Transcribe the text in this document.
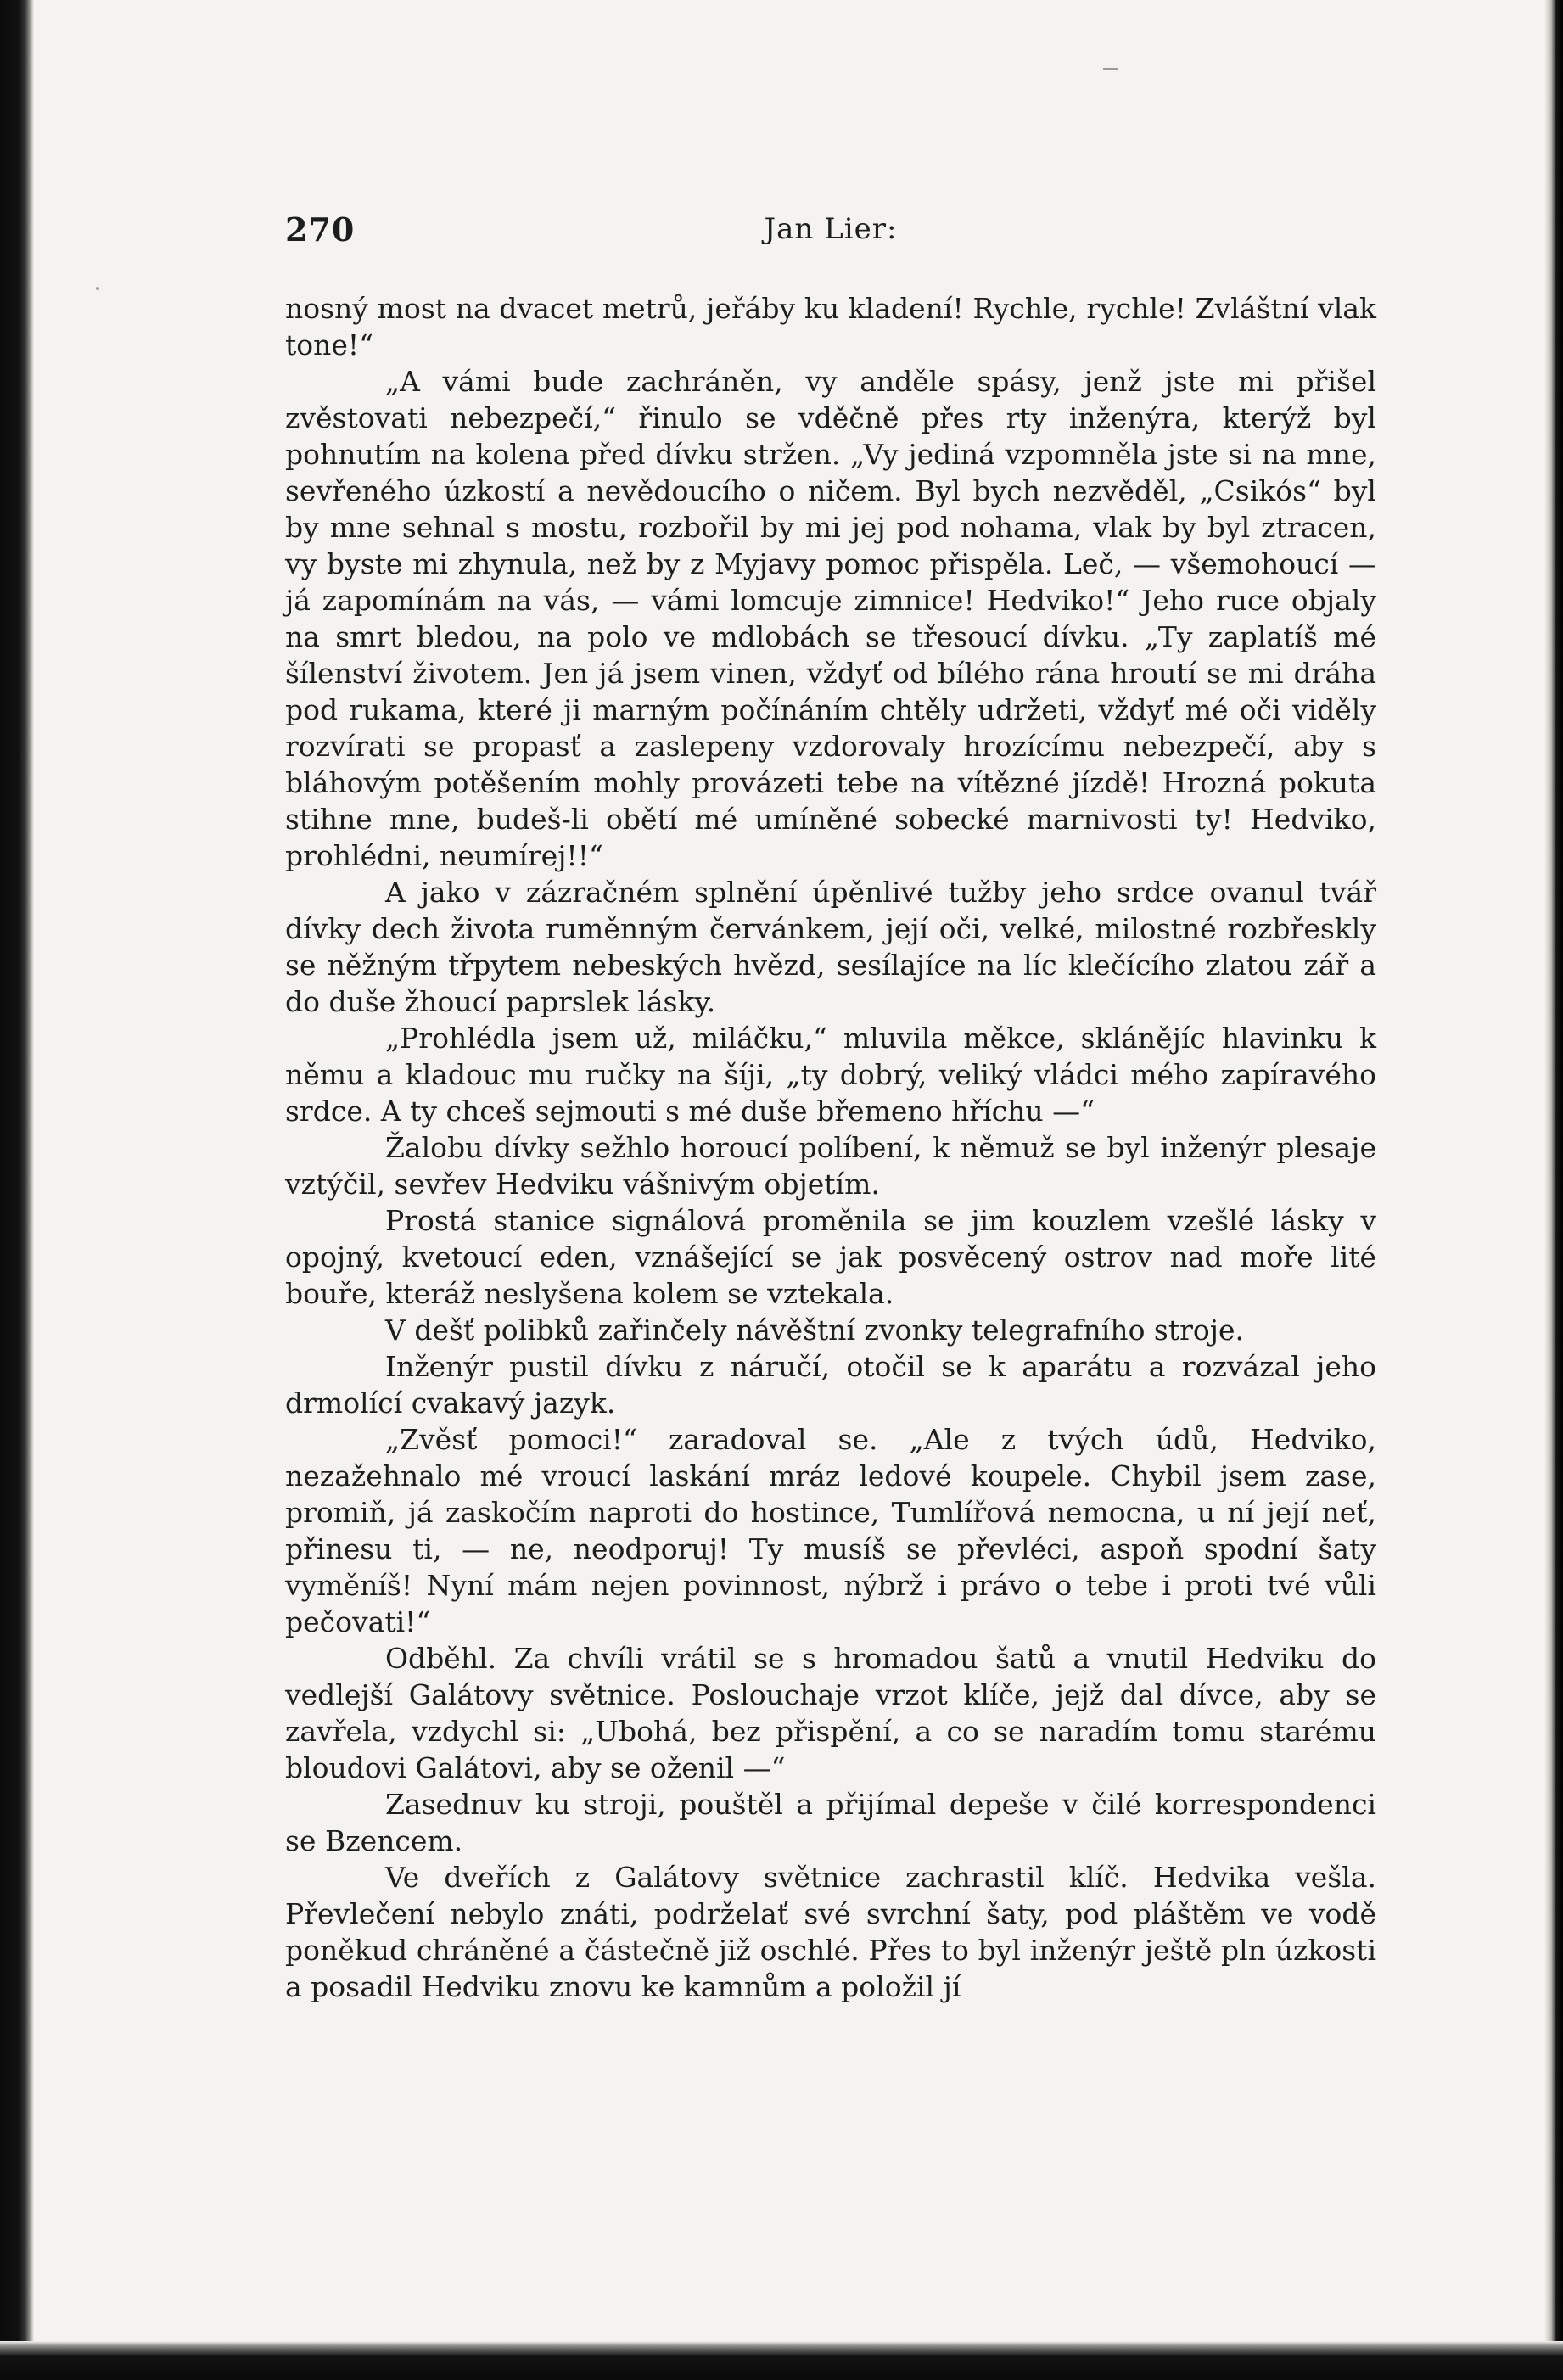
270	Jan Lier:

nosný most na dvacet metrů, jeřáby ku kladení! Rychle, rychle! Zvláštní vlak tone!“

„A vámi bude zachráněn, vy anděle spásy, jenž jste mi přišel zvěstovati nebezpečí,“ řinulo se vděčně přes rty inženýra, kterýž byl pohnutím na kolena před dívku stržen. „Vy jediná vzpomněla jste si na mne, sevřeného úzkostí a nevědoucího o ničem. Byl bych nezvěděl, „Csikós“ byl by mne sehnal s mostu, rozbořil by mi jej pod nohama, vlak by byl ztracen, vy byste mi zhynula, než by z Myjavy pomoc přispěla. Leč, — všemohoucí — já zapomínám na vás, — vámi lomcuje zimnice! Hedviko!“ Jeho ruce objaly na smrt bledou, na polo ve mdlobách se třesoucí dívku. „Ty zaplatíš mé šílenství životem. Jen já jsem vinen, vždyť od bílého rána hroutí se mi dráha pod rukama, které ji marným počínáním chtěly udržeti, vždyť mé oči viděly rozvírati se propasť a zaslepeny vzdorovaly hrozícímu nebezpečí, aby s bláhovým potěšením mohly provázeti tebe na vítězné jízdě! Hrozná pokuta stihne mne, budeš-li obětí mé umíněné sobecké marnivosti ty! Hedviko, prohlédni, neumírej!!“

A jako v zázračném splnění úpěnlivé tužby jeho srdce ovanul tvář dívky dech života ruměnným červánkem, její oči, velké, milostné rozbřeskly se něžným třpytem nebeských hvězd, sesílajíce na líc klečícího zlatou zář a do duše žhoucí paprslek lásky.

„Prohlédla jsem už, miláčku,“ mluvila měkce, sklánějíc hlavinku k němu a kladouc mu ručky na šíji, „ty dobrý, veliký vládci mého zapíravého srdce. A ty chceš sejmouti s mé duše břemeno hříchu —“

Žalobu dívky sežhlo horoucí políbení, k němuž se byl inženýr plesaje vztýčil, sevřev Hedviku vášnivým objetím.

Prostá stanice signálová proměnila se jim kouzlem vzešlé lásky v opojný, kvetoucí eden, vznášející se jak posvěcený ostrov nad moře lité bouře, kteráž neslyšena kolem se vztekala.

V dešť polibků zařinčely návěštní zvonky telegrafního stroje.

Inženýr pustil dívku z náručí, otočil se k aparátu a rozvázal jeho drmolící cvakavý jazyk.

„Zvěsť pomoci!“ zaradoval se. „Ale z tvých údů, Hedviko, nezažehnalo mé vroucí laskání mráz ledové koupele. Chybil jsem zase, promiň, já zaskočím naproti do hostince, Tumlířová nemocna, u ní její neť, přinesu ti, — ne, neodporuj! Ty musíš se převléci, aspoň spodní šaty vyměníš! Nyní mám nejen povinnost, nýbrž i právo o tebe i proti tvé vůli pečovati!“

Odběhl. Za chvíli vrátil se s hromadou šatů a vnutil Hedviku do vedlejší Galátovy světnice. Poslouchaje vrzot klíče, jejž dal dívce, aby se zavřela, vzdychl si: „Ubohá, bez přispění, a co se naradím tomu starému bloudovi Galátovi, aby se oženil —“

Zasednuv ku stroji, pouštěl a přijímal depeše v čilé korrespondenci se Bzencem.

Ve dveřích z Galátovy světnice zachrastil klíč. Hedvika vešla. Převlečení nebylo znáti, podrželať své svrchní šaty, pod pláštěm ve vodě poněkud chráněné a částečně již oschlé. Přes to byl inženýr ještě pln úzkosti a posadil Hedviku znovu ke kamnům a položil jí
